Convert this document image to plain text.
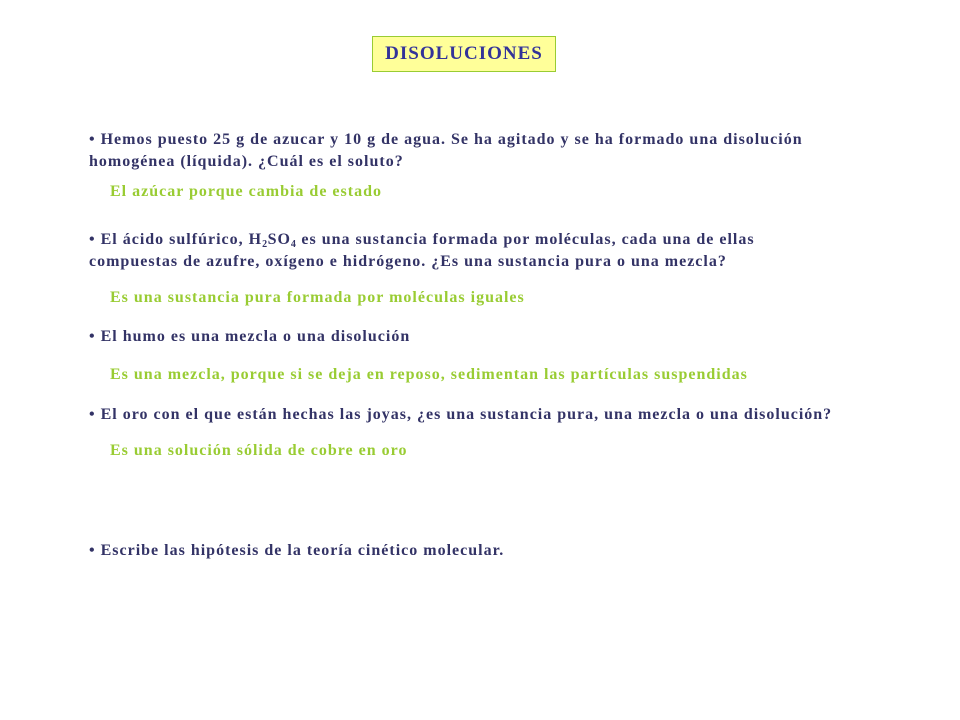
DISOLUCIONES
• Hemos puesto 25 g de azucar y 10 g de agua. Se ha agitado y se ha formado una disolución
homogénea (líquida). ¿Cuál es el soluto?
El azúcar porque cambia de estado
• El ácido sulfúrico, $H_2SO_4$ es una sustancia formada por moléculas, cada una de ellas
compuestas de azufre, oxígeno e hidrógeno. ¿Es una sustancia pura o una mezcla?
Es una sustancia pura formada por moléculas iguales
• El humo es una mezcla o una disolución
Es una mezcla, porque si se deja en reposo, sedimentan las partículas suspendidas
• El oro con el que están hechas las joyas, ¿es una sustancia pura, una mezcla o una disolución?
Es una solución sólida de cobre en oro
• Escribe las hipótesis de la teoría cinético molecular.
